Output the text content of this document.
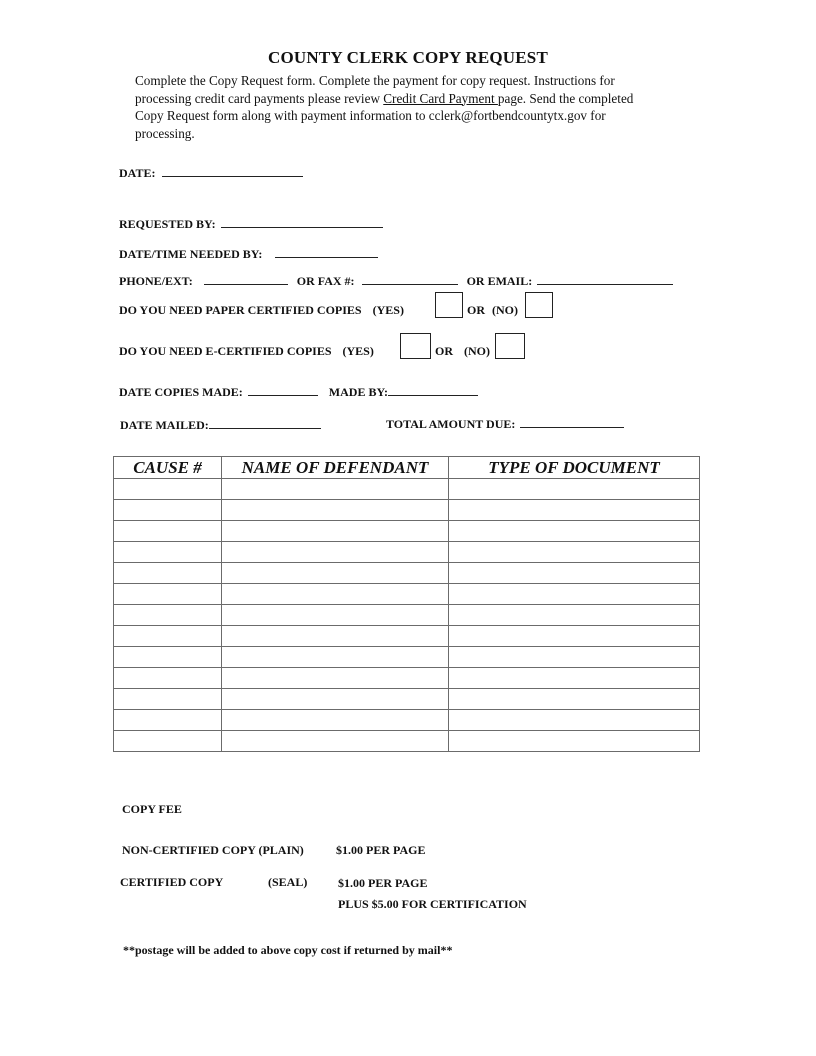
COUNTY CLERK COPY REQUEST
Complete the Copy Request form. Complete the payment for copy request. Instructions for processing credit card payments please review Credit Card Payment page. Send the completed Copy Request form along with payment information to cclerk@fortbendcountytx.gov for processing.
DATE:
REQUESTED BY:
DATE/TIME NEEDED BY:
PHONE/EXT:	OR FAX #:	OR EMAIL:
DO YOU NEED PAPER CERTIFIED COPIES (YES)	OR (NO)
DO YOU NEED E-CERTIFIED COPIES (YES)	OR (NO)
DATE COPIES MADE:	MADE BY:
DATE MAILED:	TOTAL AMOUNT DUE:
CAUSE #	NAME OF DEFENDANT	TYPE OF DOCUMENT

COPY FEE
NON-CERTIFIED COPY (PLAIN)	$1.00 PER PAGE
CERTIFIED COPY	(SEAL)	$1.00 PER PAGE
PLUS $5.00 FOR CERTIFICATION
**postage will be added to above copy cost if returned by mail**
